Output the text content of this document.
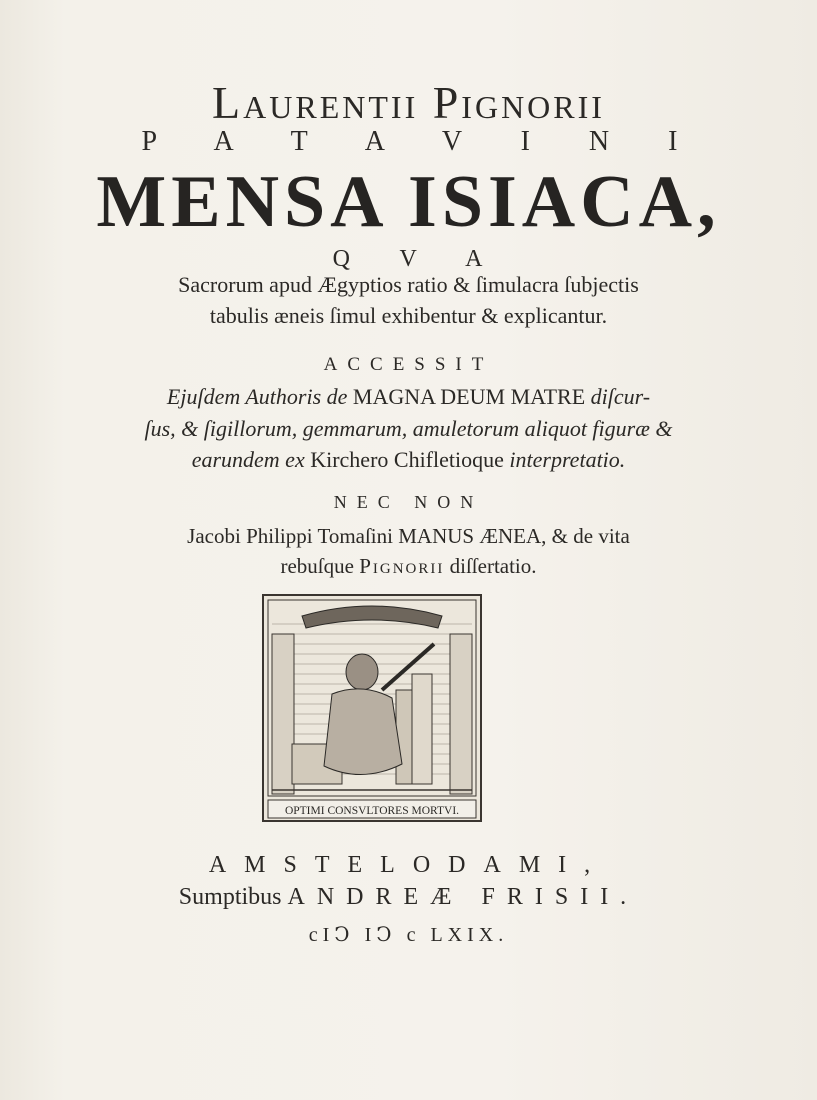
Laurentii Pignorii
P A T A V I N I
MENSA ISIACA,
Q V A
Sacrorum apud Ægyptios ratio & ſimulacra ſubjectis
tabulis æneis ſimul exhibentur & explicantur.
ACCESSIT
Ejuſdem Authoris de MAGNA DEUM MATRE diſcur-
ſus, & ſigillorum, gemmarum, amuletorum aliquot figuræ &
earundem ex Kirchero Chifletioque interpretatio.
NEC NON
Jacobi Philippi Tomaſini MANUS ÆNEA, & de vita
rebuſque Pignorii diſſertatio.
OPTIMI CONSVLTORES MORTVI.
AMSTELODAMI,
Sumptibus ANDREÆ FRISII.
cIↃ IↃ c LXIX.
